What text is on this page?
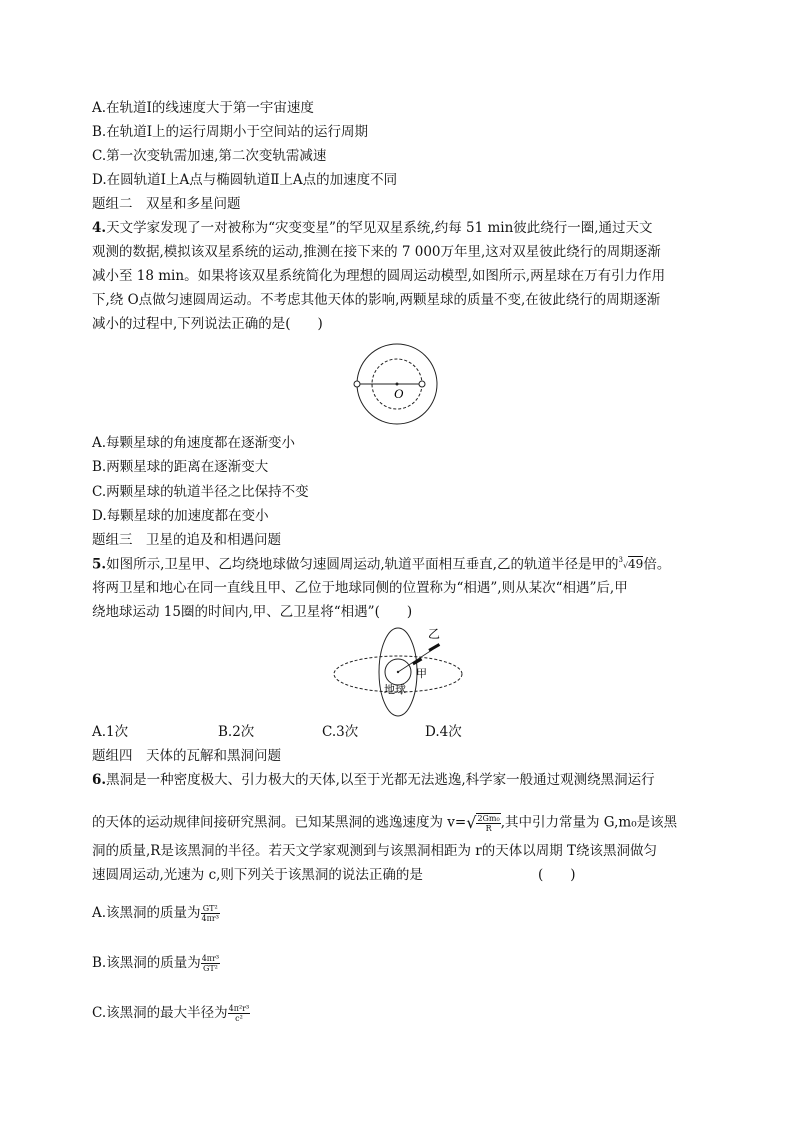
A.在轨道Ⅰ的线速度大于第一宇宙速度
B.在轨道Ⅰ上的运行周期小于空间站的运行周期
C.第一次变轨需加速,第二次变轨需减速
D.在圆轨道Ⅰ上A点与椭圆轨道Ⅱ上A点的加速度不同
题组二　双星和多星问题
4.天文学家发现了一对被称为“灾变变星”的罕见双星系统,约每 51 min彼此绕行一圈,通过天文
观测的数据,模拟该双星系统的运动,推测在接下来的 7 000万年里,这对双星彼此绕行的周期逐渐
减小至 18 min。如果将该双星系统简化为理想的圆周运动模型,如图所示,两星球在万有引力作用
下,绕 O点做匀速圆周运动。不考虑其他天体的影响,两颗星球的质量不变,在彼此绕行的周期逐渐
减小的过程中,下列说法正确的是(　　)
O
A.每颗星球的角速度都在逐渐变小
B.两颗星球的距离在逐渐变大
C.两颗星球的轨道半径之比保持不变
D.每颗星球的加速度都在变小
题组三　卫星的追及和相遇问题
5.如图所示,卫星甲、乙均绕地球做匀速圆周运动,轨道平面相互垂直,乙的轨道半径是甲的3√49倍。
将两卫星和地心在同一直线且甲、乙位于地球同侧的位置称为“相遇”,则从某次“相遇”后,甲
绕地球运动 15圈的时间内,甲、乙卫星将“相遇”(　　)
乙
甲
地球
A.1次	B.2次	C.3次	D.4次
题组四　天体的瓦解和黑洞问题
6.黑洞是一种密度极大、引力极大的天体,以至于光都无法逃逸,科学家一般通过观测绕黑洞运行
的天体的运动规律间接研究黑洞。已知某黑洞的逃逸速度为 $v=√ \frac{\text{2Gm₀}}{R}$ ,其中引力常量为 G,m₀是该黑
洞的质量,R是该黑洞的半径。若天文学家观测到与该黑洞相距为 r的天体以周期 T绕该黑洞做匀
速圆周运动,光速为 c,则下列关于该黑洞的说法正确的是	(　　)
A.该黑洞的质量为 $\frac{\text{GT²}}{\text{4πr³}}$
B.该黑洞的质量为 $\frac{\text{4πr³}}{\text{GT²}}$
C.该黑洞的最大半径为 $\frac{\text{4π²r³}}{\text{c²}}$
